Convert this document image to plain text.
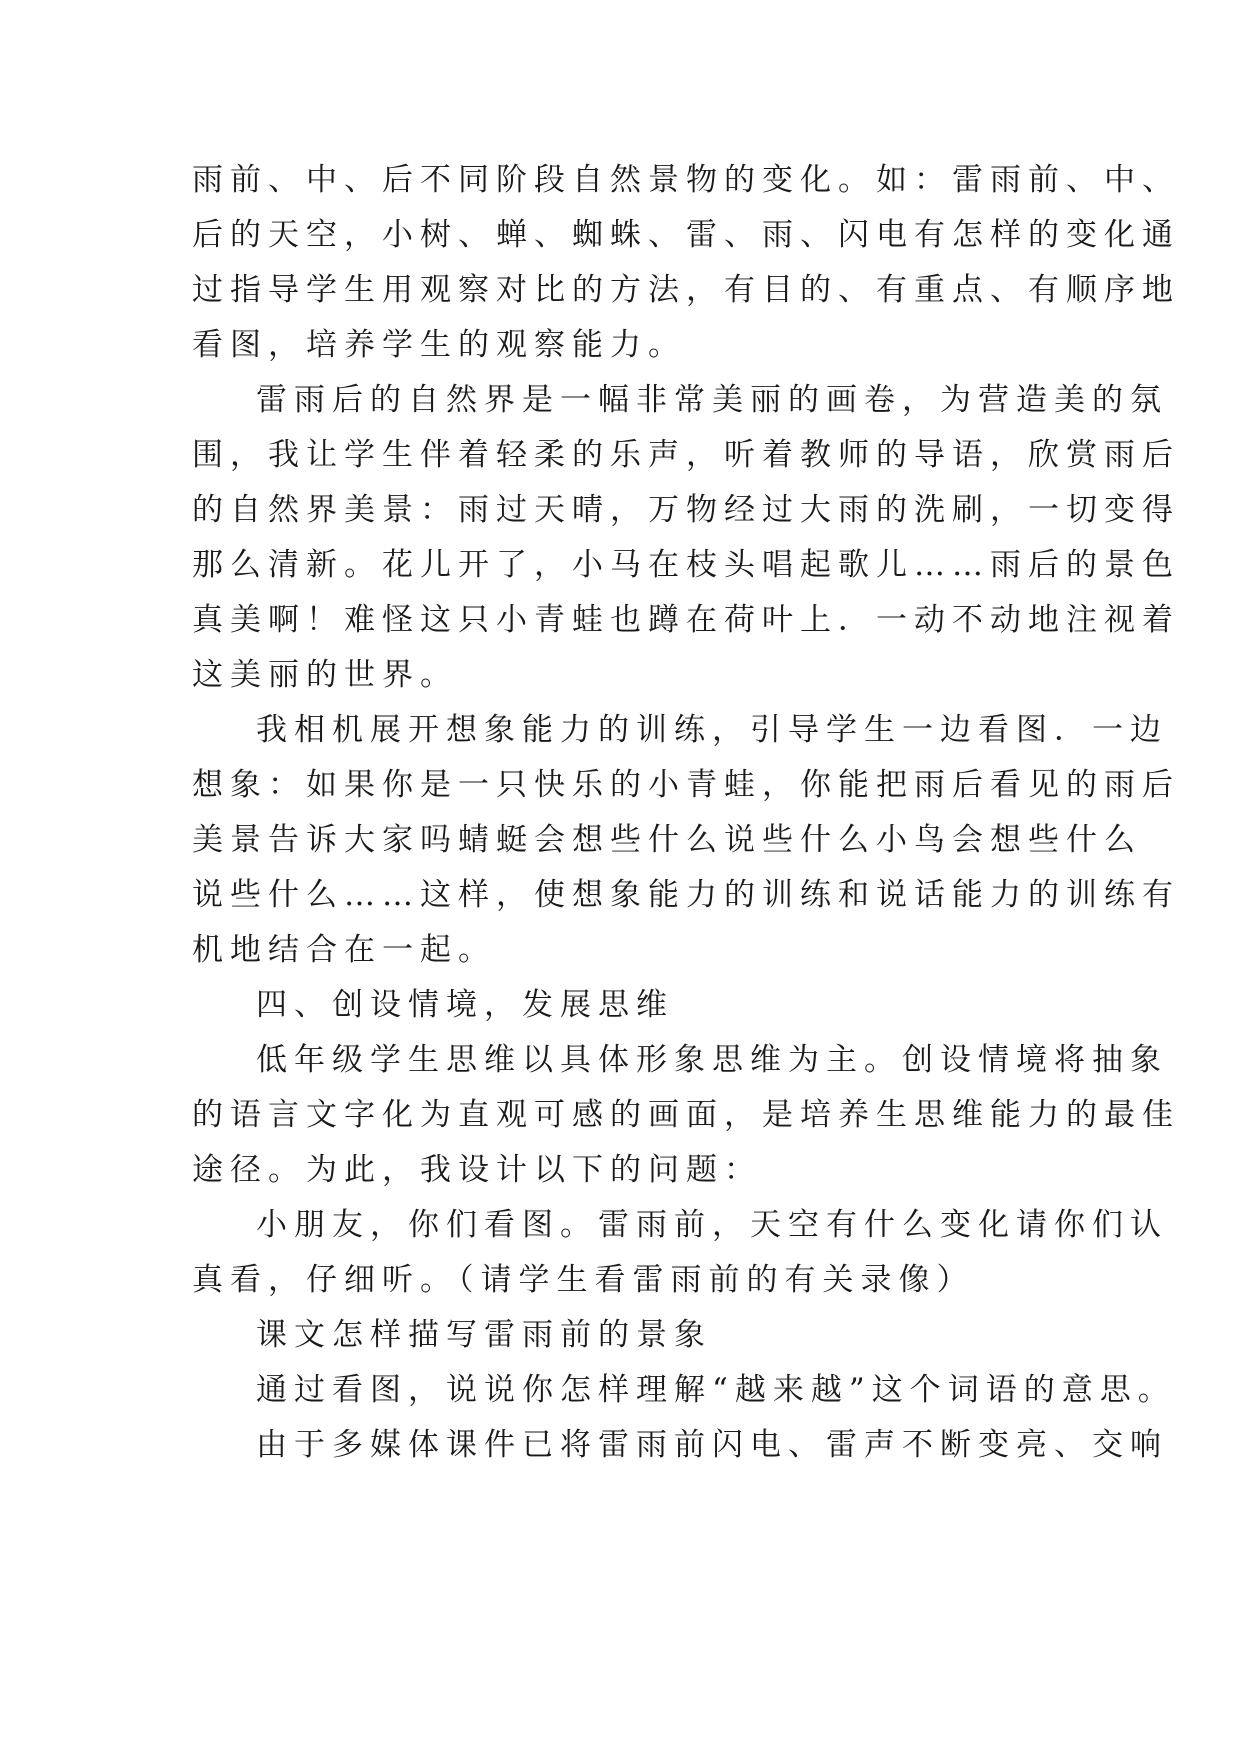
雨前、中、后不同阶段自然景物的变化。如：雷雨前、中、
后的天空，小树、蝉、蜘蛛、雷、雨、闪电有怎样的变化通
过指导学生用观察对比的方法，有目的、有重点、有顺序地
看图，培养学生的观察能力。
雷雨后的自然界是一幅非常美丽的画卷，为营造美的氛
围，我让学生伴着轻柔的乐声，听着教师的导语，欣赏雨后
的自然界美景：雨过天晴，万物经过大雨的洗刷，一切变得
那么清新。花儿开了，小马在枝头唱起歌儿……雨后的景色
真美啊！难怪这只小青蛙也蹲在荷叶上．一动不动地注视着
这美丽的世界。
我相机展开想象能力的训练，引导学生一边看图．一边
想象：如果你是一只快乐的小青蛙，你能把雨后看见的雨后
美景告诉大家吗蜻蜓会想些什么说些什么小鸟会想些什么
说些什么……这样，使想象能力的训练和说话能力的训练有
机地结合在一起。
四、创设情境，发展思维
低年级学生思维以具体形象思维为主。创设情境将抽象
的语言文字化为直观可感的画面，是培养生思维能力的最佳
途径。为此，我设计以下的问题：
小朋友，你们看图。雷雨前，天空有什么变化请你们认
真看，仔细听。（请学生看雷雨前的有关录像）
课文怎样描写雷雨前的景象
通过看图，说说你怎样理解“越来越”这个词语的意思。
由于多媒体课件已将雷雨前闪电、雷声不断变亮、交响
